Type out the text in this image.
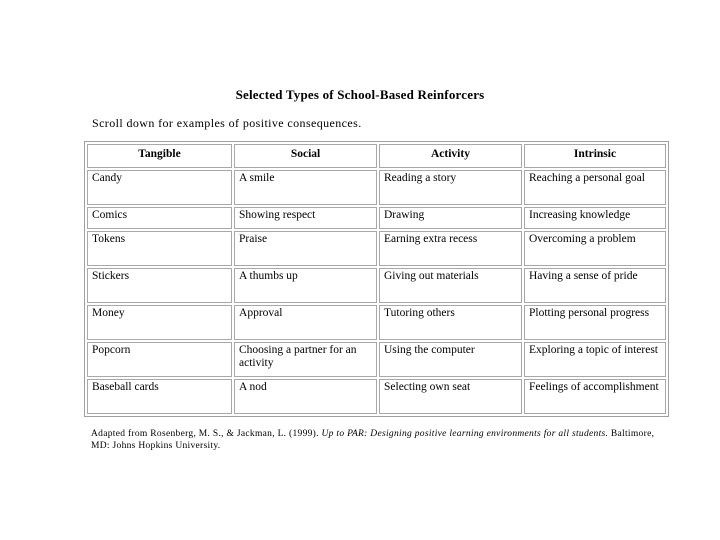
Selected Types of School-Based Reinforcers
Scroll down for examples of positive consequences.
Tangible	Social	Activity	Intrinsic
Candy	A smile	Reading a story	Reaching a personal goal
Comics	Showing respect	Drawing	Increasing knowledge
Tokens	Praise	Earning extra recess	Overcoming a problem
Stickers	A thumbs up	Giving out materials	Having a sense of pride
Money	Approval	Tutoring others	Plotting personal progress
Popcorn	Choosing a partner for an activity	Using the computer	Exploring a topic of interest
Baseball cards	A nod	Selecting own seat	Feelings of accomplishment
Adapted from Rosenberg, M. S., & Jackman, L. (1999). Up to PAR: Designing positive learning environments for all students. Baltimore, MD: Johns Hopkins University.
